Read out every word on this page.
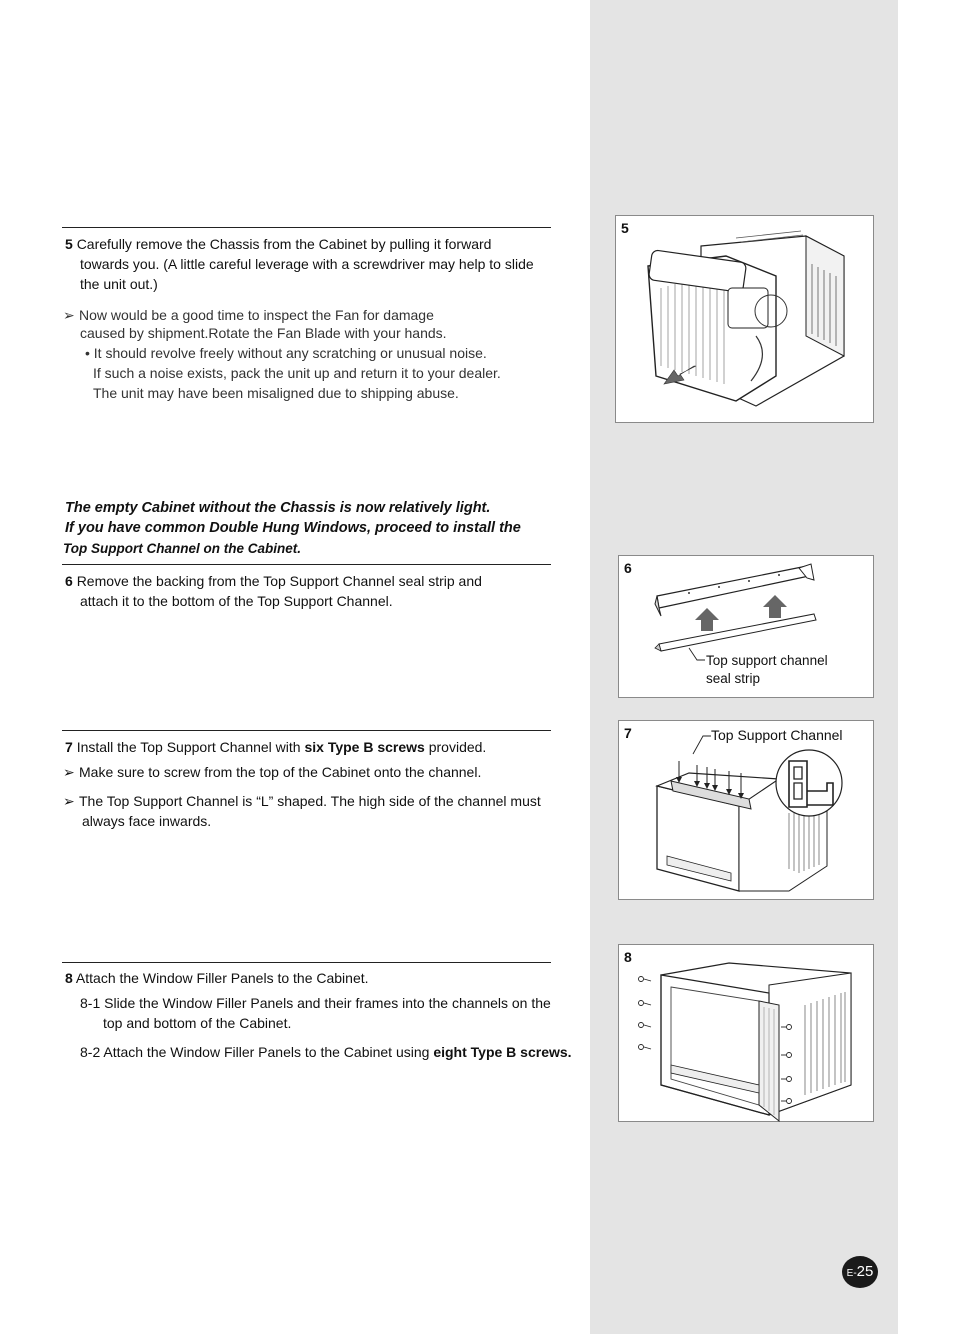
5 Carefully remove the Chassis from the Cabinet by pulling it forward
towards you. (A little careful leverage with a screwdriver may help to slide
the unit out.)
➢ Now would be a good time to inspect the Fan for damage
caused by shipment.Rotate the Fan Blade with your hands.
• It should revolve freely without any scratching or unusual noise.
If such a noise exists, pack the unit up and return it to your dealer.
The unit may have been misaligned due to shipping abuse.
The empty Cabinet without the Chassis is now relatively light.
If you have common Double Hung Windows, proceed to install the
Top Support Channel on the Cabinet.
6 Remove the backing from the Top Support Channel seal strip and
attach it to the bottom of the Top Support Channel.
7 Install the Top Support Channel with six Type B screws provided.
➢ Make sure to screw from the top of the Cabinet onto the channel.
➢ The Top Support Channel is “L” shaped. The high side of the channel must
always face inwards.
8 Attach the Window Filler Panels to the Cabinet.
8-1 Slide the Window Filler Panels and their frames into the channels on the
top and bottom of the Cabinet.
8-2 Attach the Window Filler Panels to the Cabinet using eight Type B screws.
5
6
Top support channel
seal strip
7	Top Support Channel
8
E-25
